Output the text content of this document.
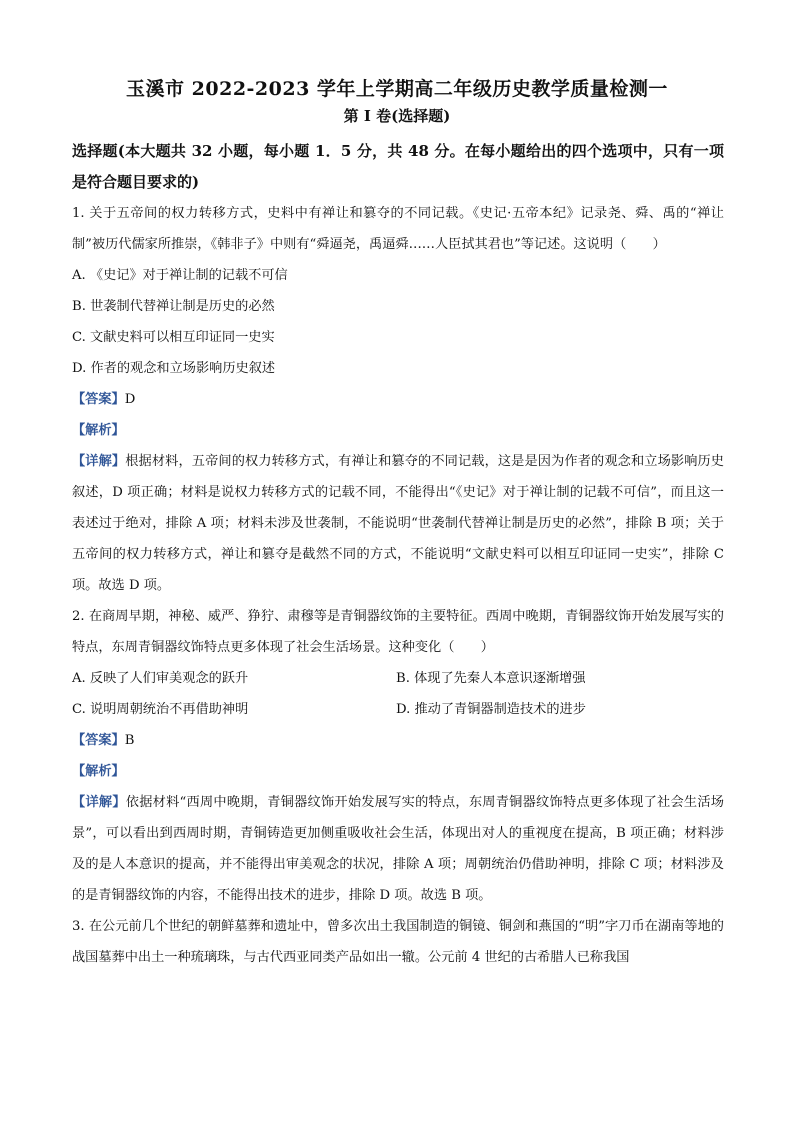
玉溪市 2022-2023 学年上学期高二年级历史教学质量检测一
第 I 卷(选择题)
选择题(本大题共 32 小题，每小题 1．5 分，共 48 分。在每小题给出的四个选项中，只有一项是符合题目要求的)

1. 关于五帝间的权力转移方式，史料中有禅让和篡夺的不同记载。《史记·五帝本纪》记录尧、舜、禹的“禅让制”被历代儒家所推崇，《韩非子》中则有“舜逼尧，禹逼舜……人臣拭其君也”等记述。这说明（　　）

A. 《史记》对于禅让制的记载不可信

B. 世袭制代替禅让制是历史的必然

C. 文献史料可以相互印证同一史实

D. 作者的观念和立场影响历史叙述

【答案】D

【解析】

【详解】根据材料，五帝间的权力转移方式，有禅让和篡夺的不同记载，这是是因为作者的观念和立场影响历史叙述，D 项正确；材料是说权力转移方式的记载不同，不能得出“《史记》对于禅让制的记载不可信”，而且这一表述过于绝对，排除 A 项；材料未涉及世袭制，不能说明“世袭制代替禅让制是历史的必然”，排除 B 项；关于五帝间的权力转移方式，禅让和篡夺是截然不同的方式，不能说明“文献史料可以相互印证同一史实”，排除 C 项。故选 D 项。

2. 在商周早期，神秘、威严、狰狞、肃穆等是青铜器纹饰的主要特征。西周中晚期，青铜器纹饰开始发展写实的特点，东周青铜器纹饰特点更多体现了社会生活场景。这种变化（　　）

A. 反映了人们审美观念的跃升	B. 体现了先秦人本意识逐渐增强
C. 说明周朝统治不再借助神明	D. 推动了青铜器制造技术的进步

【答案】B

【解析】

【详解】依据材料“西周中晚期，青铜器纹饰开始发展写实的特点，东周青铜器纹饰特点更多体现了社会生活场景”，可以看出到西周时期，青铜铸造更加侧重吸收社会生活，体现出对人的重视度在提高，B 项正确；材料涉及的是人本意识的提高，并不能得出审美观念的状况，排除 A 项；周朝统治仍借助神明，排除 C 项；材料涉及的是青铜器纹饰的内容，不能得出技术的进步，排除 D 项。故选 B 项。

3. 在公元前几个世纪的朝鲜墓葬和遗址中，曾多次出土我国制造的铜镜、铜剑和燕国的“明”字刀币在湖南等地的战国墓葬中出土一种琉璃珠，与古代西亚同类产品如出一辙。公元前 4 世纪的古希腊人已称我国
